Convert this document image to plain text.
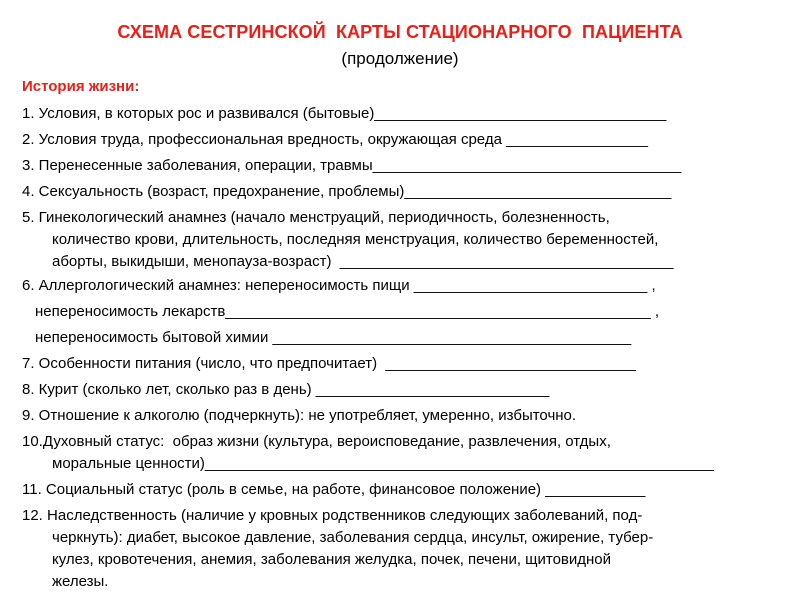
СХЕМА СЕСТРИНСКОЙ  КАРТЫ СТАЦИОНАРНОГО  ПАЦИЕНТА
(продолжение)
История жизни:
1. Условия, в которых рос и развивался (бытовые)___________________________________
2. Условия труда, профессиональная вредность, окружающая среда _________________
3. Перенесенные заболевания, операции, травмы_____________________________________
4. Сексуальность (возраст, предохранение, проблемы)________________________________
5. Гинекологический анамнез (начало менструаций, периодичность, болезненность,
количество крови, длительность, последняя менструация, количество беременностей,
аборты, выкидыши, менопауза-возраст)  ________________________________________
6. Аллергологический анамнез: непереносимость пищи ____________________________ ,
непереносимость лекарств___________________________________________________ ,
непереносимость бытовой химии ___________________________________________
7. Особенности питания (число, что предпочитает)  ______________________________
8. Курит (сколько лет, сколько раз в день) ____________________________
9. Отношение к алкоголю (подчеркнуть): не употребляет, умеренно, избыточно.
10.Духовный статус:  образ жизни (культура, вероисповедание, развлечения, отдых,
моральные ценности)_____________________________________________________________
11. Социальный статус (роль в семье, на работе, финансовое положение) ____________
12. Наследственность (наличие у кровных родственников следующих заболеваний, под-
черкнуть): диабет, высокое давление, заболевания сердца, инсульт, ожирение, тубер-
кулез, кровотечения, анемия, заболевания желудка, почек, печени, щитовидной
железы.
